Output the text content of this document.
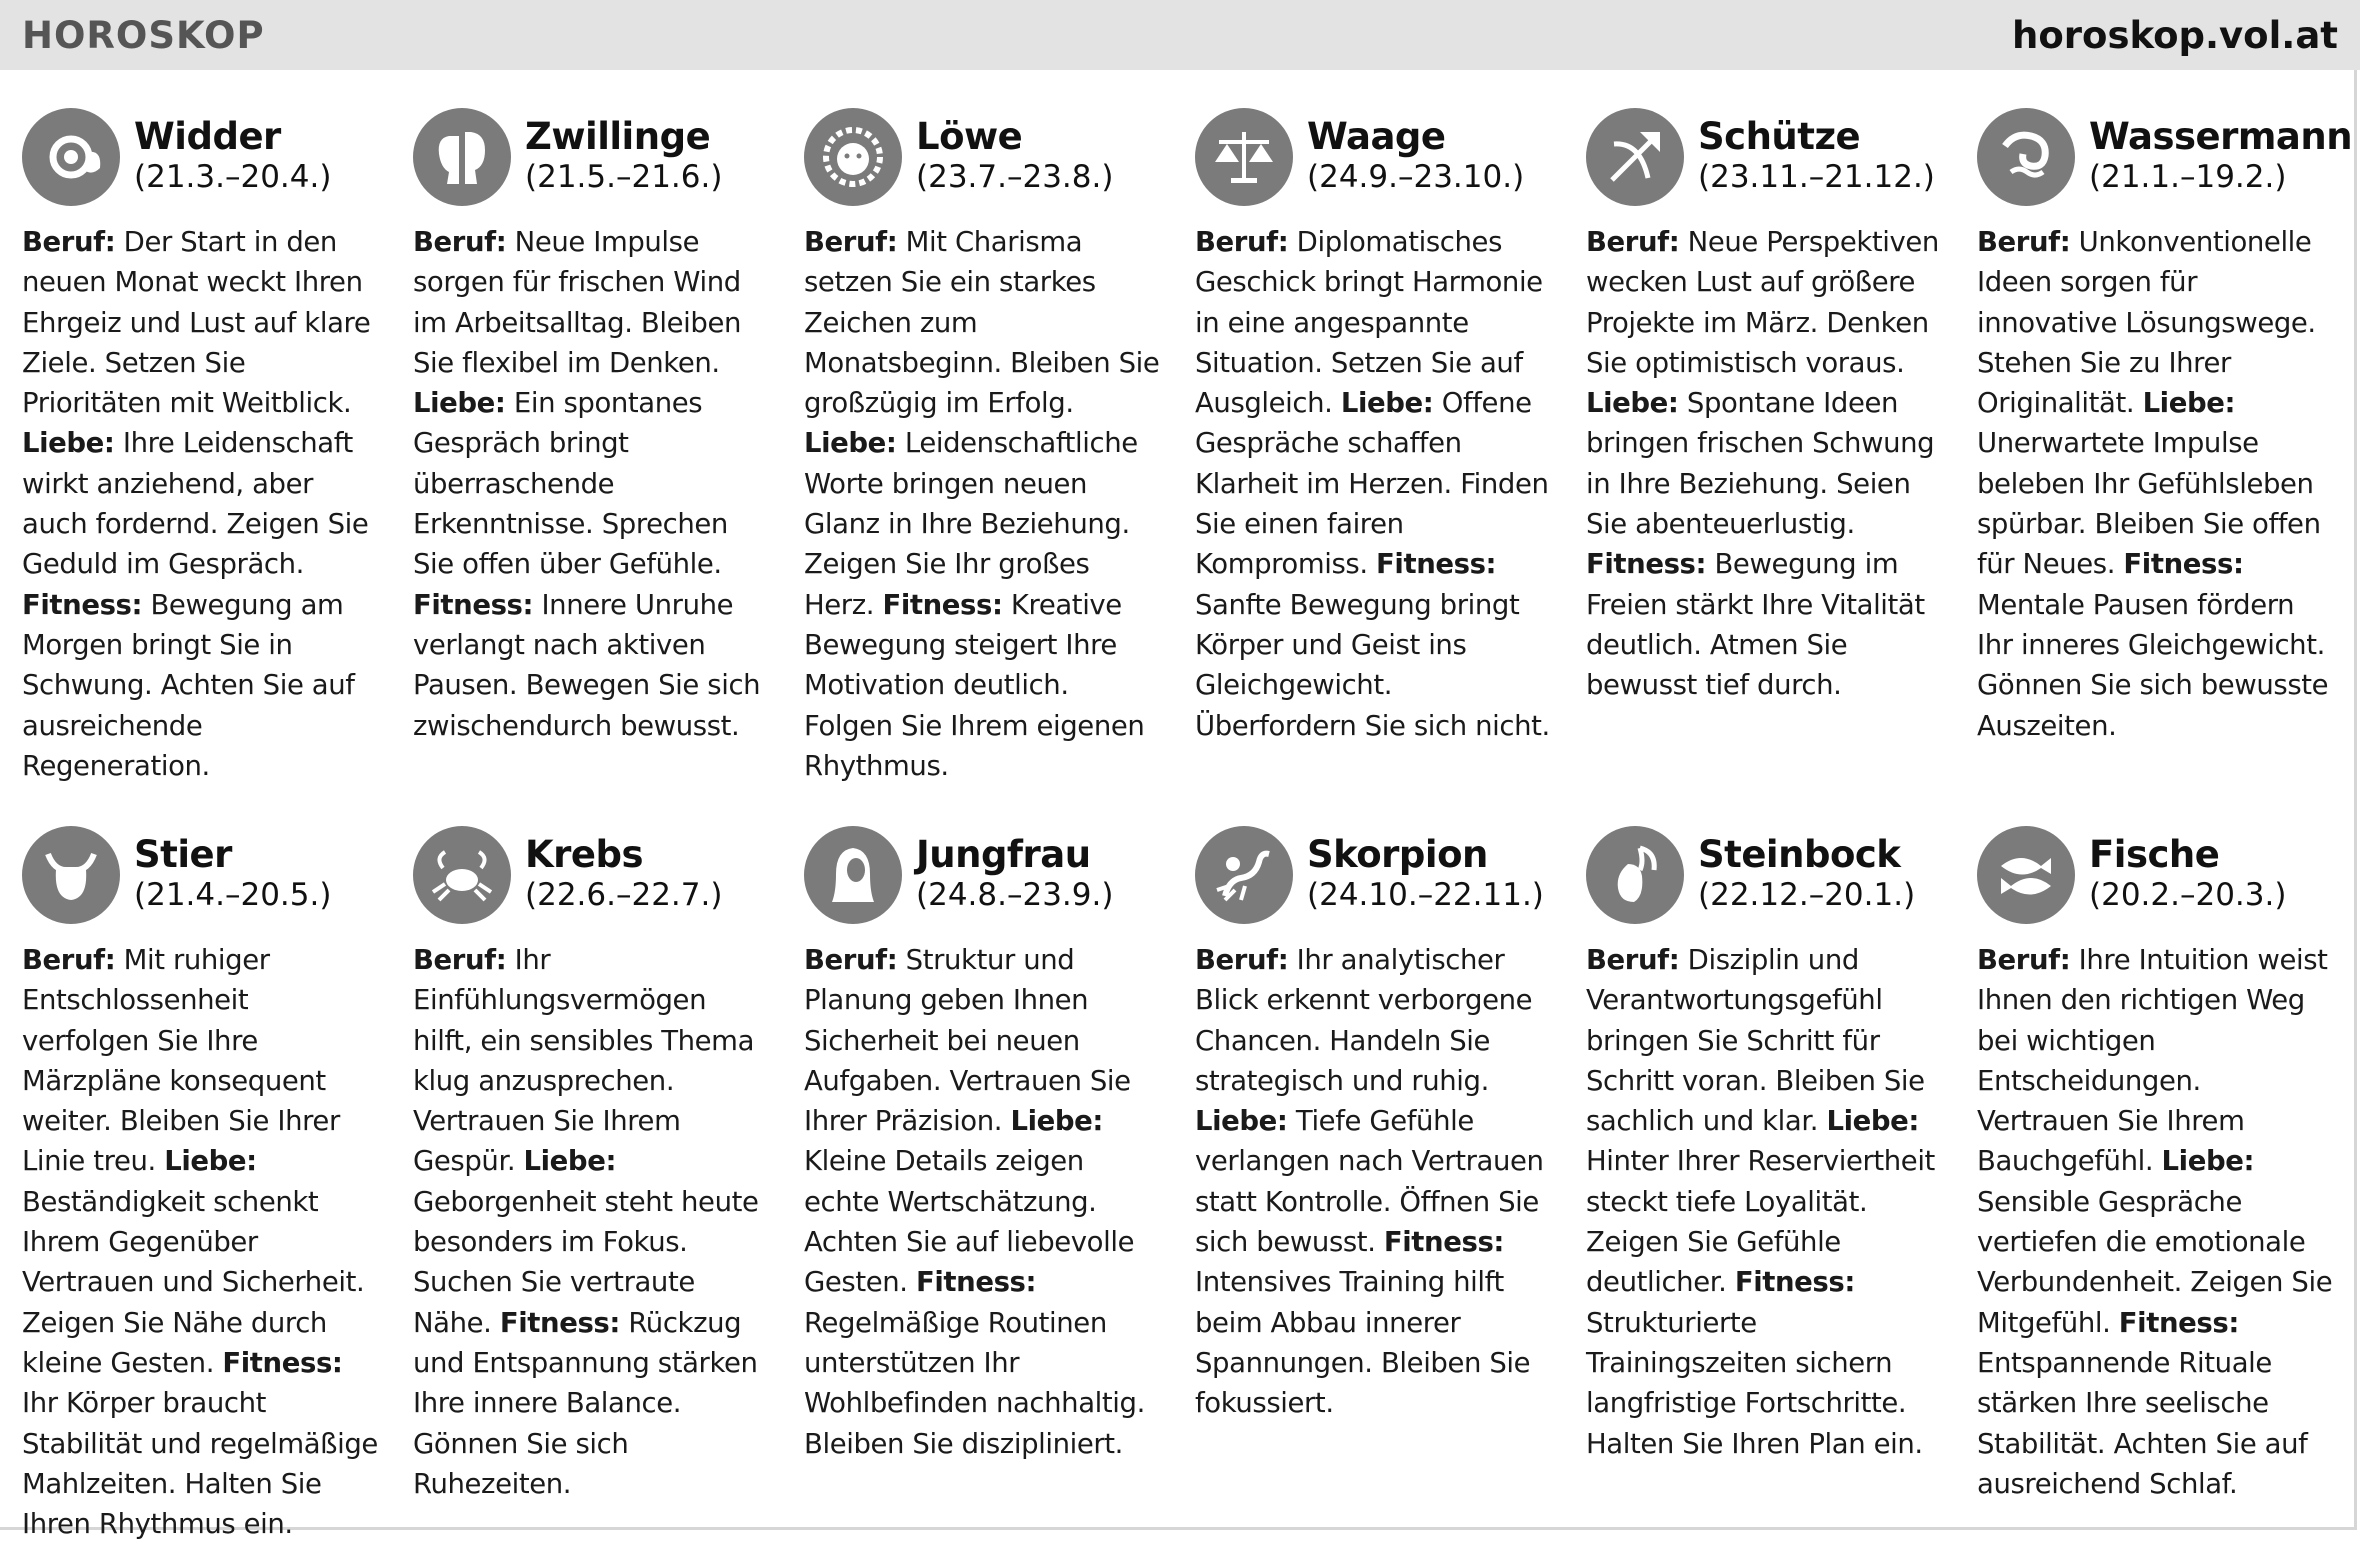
HOROSKOP	horoskop.vol.at
Widder
(21.3.–20.4.)
Beruf: Der Start in den neuen Monat weckt Ihren Ehrgeiz und Lust auf klare Ziele. Setzen Sie Prioritäten mit Weitblick. Liebe: Ihre Leidenschaft wirkt anziehend, aber auch fordernd. Zeigen Sie Geduld im Gespräch. Fitness: Bewegung am Morgen bringt Sie in Schwung. Achten Sie auf ausreichende Regeneration.
Zwillinge
(21.5.–21.6.)
Beruf: Neue Impulse sorgen für frischen Wind im Arbeitsalltag. Bleiben Sie flexibel im Denken. Liebe: Ein spontanes Gespräch bringt überraschende Erkenntnisse. Sprechen Sie offen über Gefühle. Fitness: Innere Unruhe verlangt nach aktiven Pausen. Bewegen Sie sich zwischendurch bewusst.
Löwe
(23.7.–23.8.)
Beruf: Mit Charisma setzen Sie ein starkes Zeichen zum Monatsbeginn. Bleiben Sie großzügig im Erfolg. Liebe: Leidenschaftliche Worte bringen neuen Glanz in Ihre Beziehung. Zeigen Sie Ihr großes Herz. Fitness: Kreative Bewegung steigert Ihre Motivation deutlich. Folgen Sie Ihrem eigenen Rhythmus.
Waage
(24.9.–23.10.)
Beruf: Diplomatisches Geschick bringt Harmonie in eine angespannte Situation. Setzen Sie auf Ausgleich. Liebe: Offene Gespräche schaffen Klarheit im Herzen. Finden Sie einen fairen Kompromiss. Fitness: Sanfte Bewegung bringt Körper und Geist ins Gleichgewicht. Überfordern Sie sich nicht.
Schütze
(23.11.–21.12.)
Beruf: Neue Perspektiven wecken Lust auf größere Projekte im März. Denken Sie optimistisch voraus. Liebe: Spontane Ideen bringen frischen Schwung in Ihre Beziehung. Seien Sie abenteuerlustig. Fitness: Bewegung im Freien stärkt Ihre Vitalität deutlich. Atmen Sie bewusst tief durch.
Wassermann
(21.1.–19.2.)
Beruf: Unkonventionelle Ideen sorgen für innovative Lösungswege. Stehen Sie zu Ihrer Originalität. Liebe: Unerwartete Impulse beleben Ihr Gefühlsleben spürbar. Bleiben Sie offen für Neues. Fitness: Mentale Pausen fördern Ihr inneres Gleichgewicht. Gönnen Sie sich bewusste Auszeiten.
Stier
(21.4.–20.5.)
Beruf: Mit ruhiger Entschlossenheit verfolgen Sie Ihre Märzpläne konsequent weiter. Bleiben Sie Ihrer Linie treu. Liebe: Beständigkeit schenkt Ihrem Gegenüber Vertrauen und Sicherheit. Zeigen Sie Nähe durch kleine Gesten. Fitness: Ihr Körper braucht Stabilität und regelmäßige Mahlzeiten. Halten Sie Ihren Rhythmus ein.
Krebs
(22.6.–22.7.)
Beruf: Ihr Einfühlungsvermögen hilft, ein sensibles Thema klug anzusprechen. Vertrauen Sie Ihrem Gespür. Liebe: Geborgenheit steht heute besonders im Fokus. Suchen Sie vertraute Nähe. Fitness: Rückzug und Entspannung stärken Ihre innere Balance. Gönnen Sie sich Ruhezeiten.
Jungfrau
(24.8.–23.9.)
Beruf: Struktur und Planung geben Ihnen Sicherheit bei neuen Aufgaben. Vertrauen Sie Ihrer Präzision. Liebe: Kleine Details zeigen echte Wertschätzung. Achten Sie auf liebevolle Gesten. Fitness: Regelmäßige Routinen unterstützen Ihr Wohlbefinden nachhaltig. Bleiben Sie diszipliniert.
Skorpion
(24.10.–22.11.)
Beruf: Ihr analytischer Blick erkennt verborgene Chancen. Handeln Sie strategisch und ruhig. Liebe: Tiefe Gefühle verlangen nach Vertrauen statt Kontrolle. Öffnen Sie sich bewusst. Fitness: Intensives Training hilft beim Abbau innerer Spannungen. Bleiben Sie fokussiert.
Steinbock
(22.12.–20.1.)
Beruf: Disziplin und Verantwortungsgefühl bringen Sie Schritt für Schritt voran. Bleiben Sie sachlich und klar. Liebe: Hinter Ihrer Reserviertheit steckt tiefe Loyalität. Zeigen Sie Gefühle deutlicher. Fitness: Strukturierte Trainingszeiten sichern langfristige Fortschritte. Halten Sie Ihren Plan ein.
Fische
(20.2.–20.3.)
Beruf: Ihre Intuition weist Ihnen den richtigen Weg bei wichtigen Entscheidungen. Vertrauen Sie Ihrem Bauchgefühl. Liebe: Sensible Gespräche vertiefen die emotionale Verbundenheit. Zeigen Sie Mitgefühl. Fitness: Entspannende Rituale stärken Ihre seelische Stabilität. Achten Sie auf ausreichend Schlaf.
